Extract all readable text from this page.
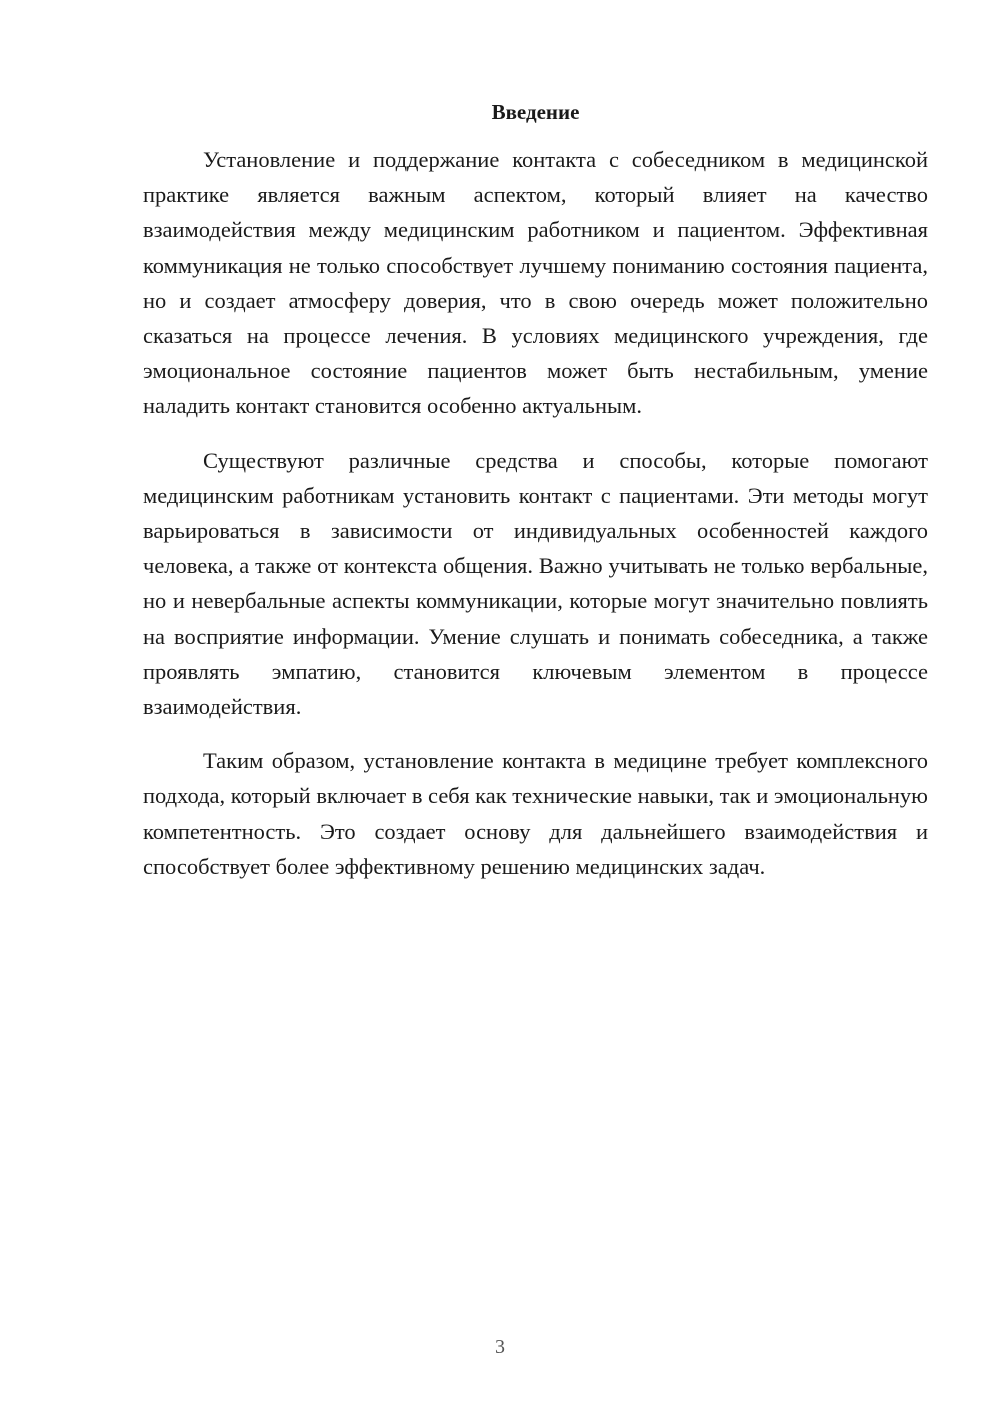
Введение

Установление и поддержание контакта с собеседником в медицинской практике является важным аспектом, который влияет на качество взаимодействия между медицинским работником и пациентом. Эффективная коммуникация не только способствует лучшему пониманию состояния пациента, но и создает атмосферу доверия, что в свою очередь может положительно сказаться на процессе лечения. В условиях медицинского учреждения, где эмоциональное состояние пациентов может быть нестабильным, умение наладить контакт становится особенно актуальным.

Существуют различные средства и способы, которые помогают медицинским работникам установить контакт с пациентами. Эти методы могут варьироваться в зависимости от индивидуальных особенностей каждого человека, а также от контекста общения. Важно учитывать не только вербальные, но и невербальные аспекты коммуникации, которые могут значительно повлиять на восприятие информации. Умение слушать и понимать собеседника, а также проявлять эмпатию, становится ключевым элементом в процессе взаимодействия.

Таким образом, установление контакта в медицине требует комплексного подхода, который включает в себя как технические навыки, так и эмоциональную компетентность. Это создает основу для дальнейшего взаимодействия и способствует более эффективному решению медицинских задач.

3
